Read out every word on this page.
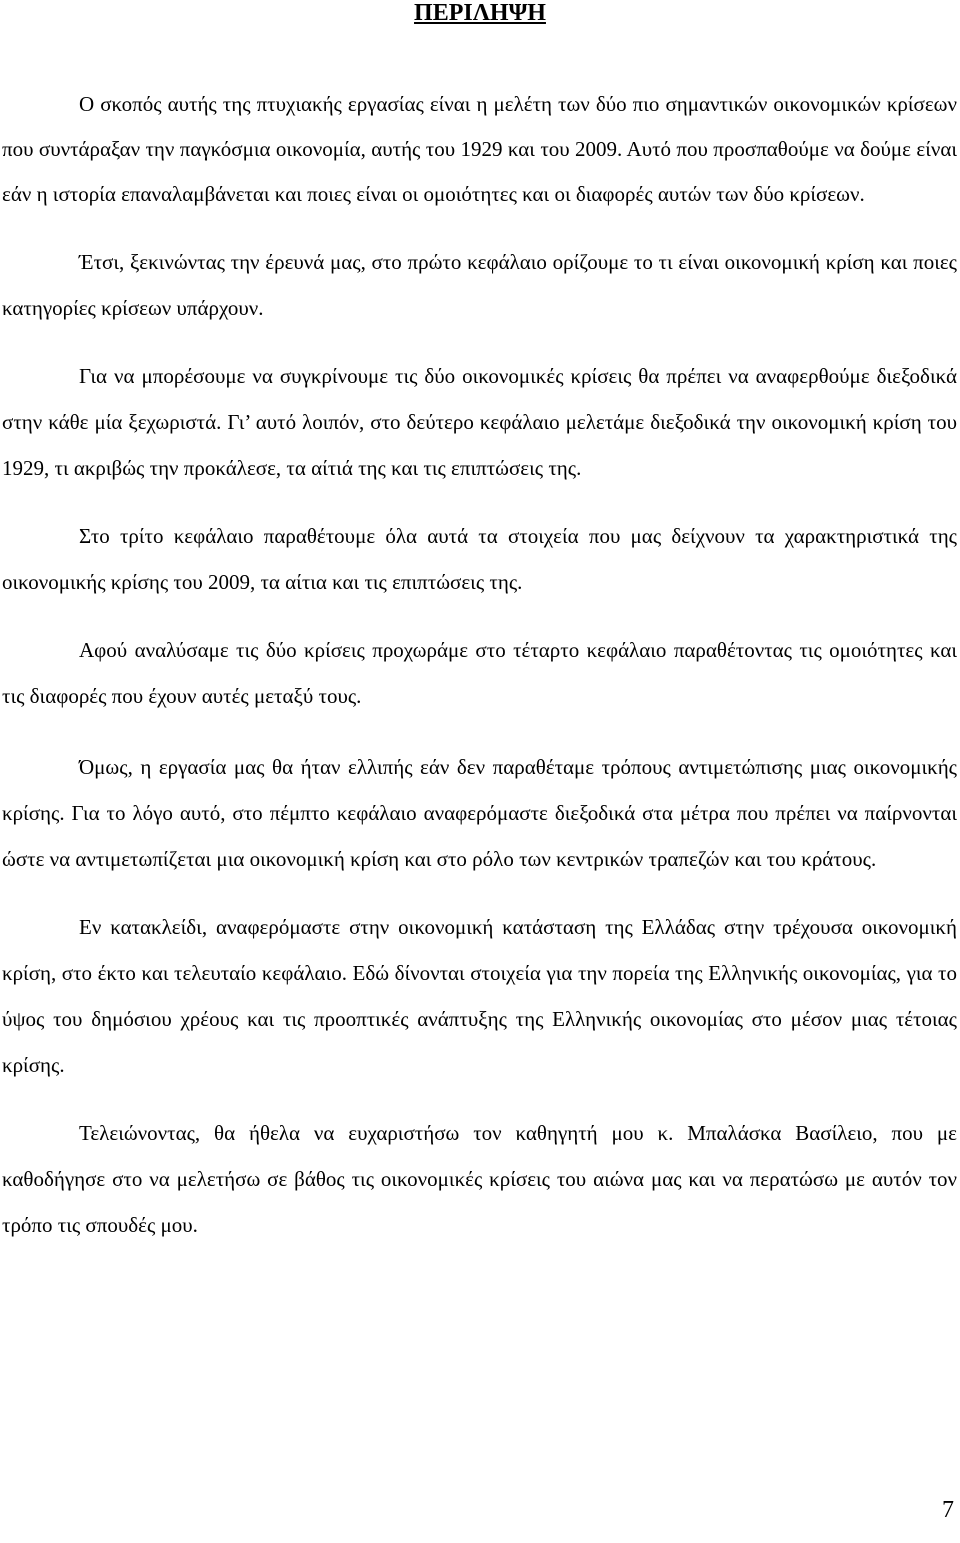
ΠΕΡΙΛΗΨΗ

Ο σκοπός αυτής της πτυχιακής εργασίας είναι η μελέτη των δύο πιο σημαντικών οικονομικών κρίσεων που συντάραξαν την παγκόσμια οικονομία, αυτής του 1929 και του 2009. Αυτό που προσπαθούμε να δούμε είναι εάν η ιστορία επαναλαμβάνεται και ποιες είναι οι ομοιότητες και οι διαφορές αυτών των δύο κρίσεων.

Έτσι, ξεκινώντας την έρευνά μας, στο πρώτο κεφάλαιο ορίζουμε το τι είναι οικονομική κρίση και ποιες κατηγορίες κρίσεων υπάρχουν.

Για να μπορέσουμε να συγκρίνουμε τις δύο οικονομικές κρίσεις θα πρέπει να αναφερθούμε διεξοδικά στην κάθε μία ξεχωριστά. Γι’ αυτό λοιπόν, στο δεύτερο κεφάλαιο μελετάμε διεξοδικά την οικονομική κρίση του 1929, τι ακριβώς την προκάλεσε, τα αίτιά της και τις επιπτώσεις της.

Στο τρίτο κεφάλαιο παραθέτουμε όλα αυτά τα στοιχεία που μας δείχνουν τα χαρακτηριστικά της οικονομικής κρίσης του 2009, τα αίτια και τις επιπτώσεις της.

Αφού αναλύσαμε τις δύο κρίσεις προχωράμε στο τέταρτο κεφάλαιο παραθέτοντας τις ομοιότητες και τις διαφορές που έχουν αυτές μεταξύ τους.

Όμως, η εργασία μας θα ήταν ελλιπής εάν δεν παραθέταμε τρόπους αντιμετώπισης μιας οικονομικής κρίσης. Για το λόγο αυτό, στο πέμπτο κεφάλαιο αναφερόμαστε διεξοδικά στα μέτρα που πρέπει να παίρνονται ώστε να αντιμετωπίζεται μια οικονομική κρίση και στο ρόλο των κεντρικών τραπεζών και του κράτους.

Εν κατακλείδι, αναφερόμαστε στην οικονομική κατάσταση της Ελλάδας στην τρέχουσα οικονομική κρίση, στο έκτο και τελευταίο κεφάλαιο. Εδώ δίνονται στοιχεία για την πορεία της Ελληνικής οικονομίας, για το ύψος του δημόσιου χρέους και τις προοπτικές ανάπτυξης της Ελληνικής οικονομίας στο μέσον μιας τέτοιας κρίσης.

Τελειώνοντας, θα ήθελα να ευχαριστήσω τον καθηγητή μου κ. Μπαλάσκα Βασίλειο, που με καθοδήγησε στο να μελετήσω σε βάθος τις οικονομικές κρίσεις του αιώνα μας και να περατώσω με αυτόν τον τρόπο τις σπουδές μου.

7
